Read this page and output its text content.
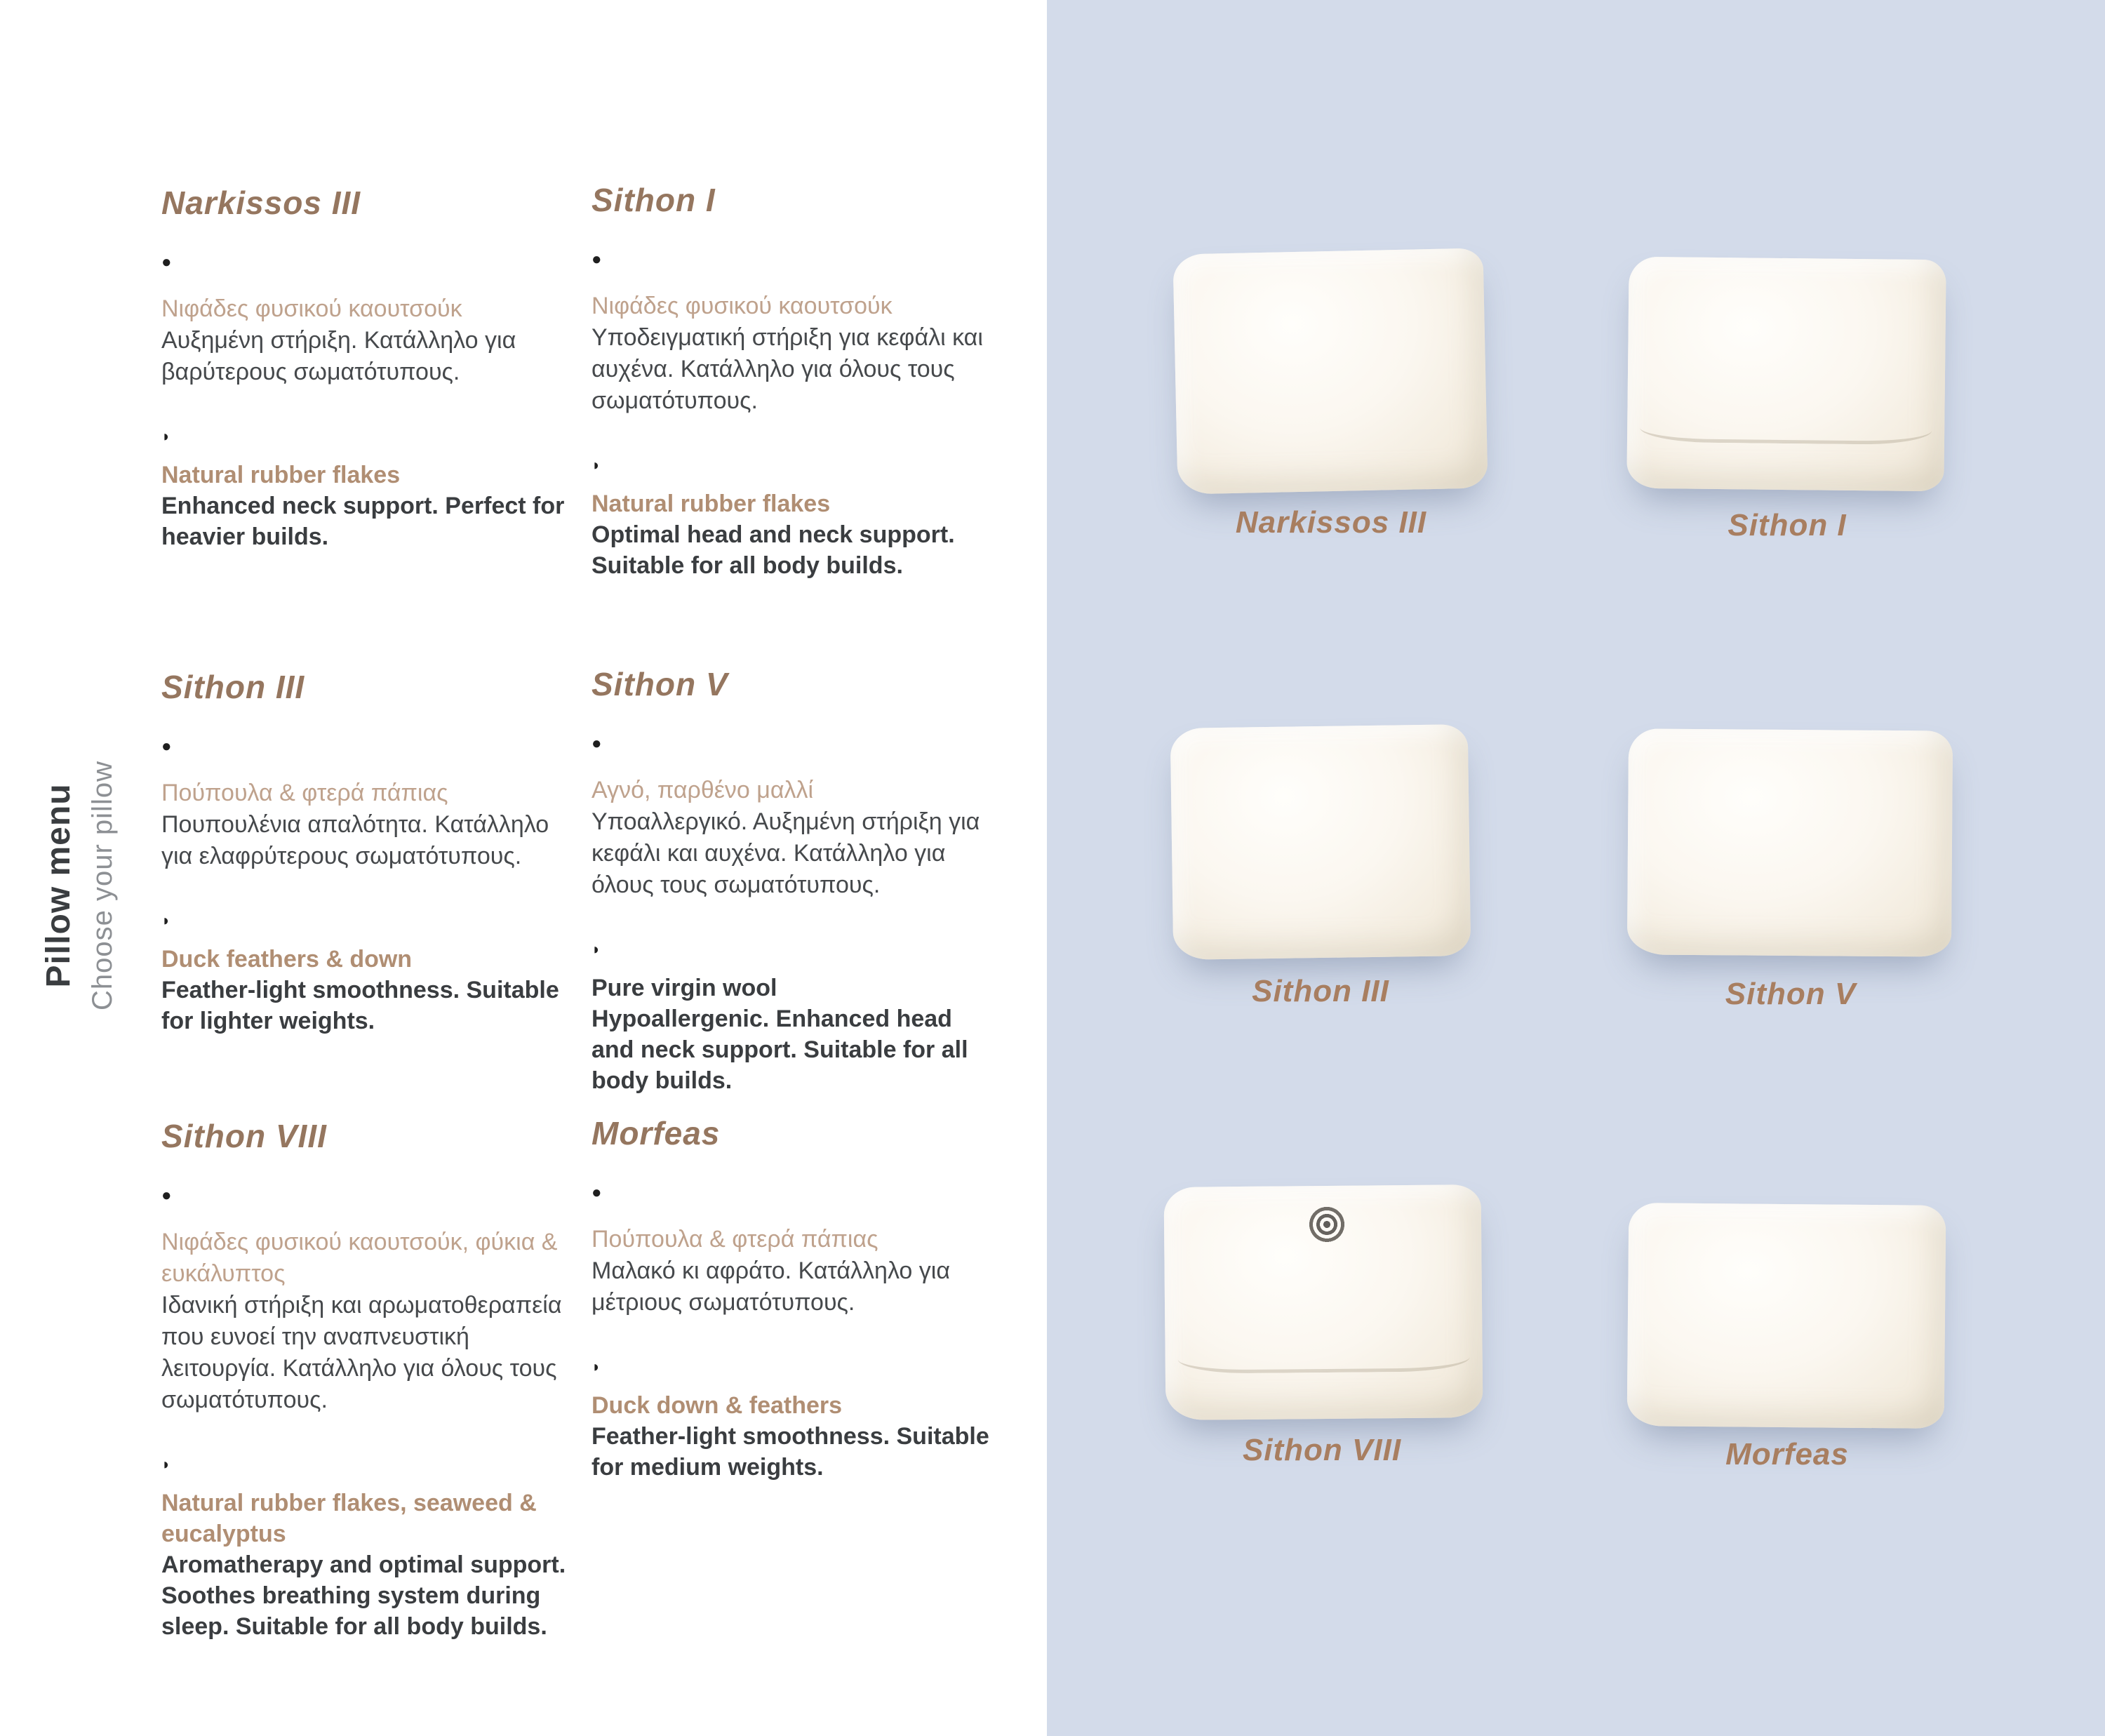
Pillow menu Choose your pillow
Narkissos III
●
Νιφάδες φυσικού καουτσούκ
Αυξημένη στήριξη. Κατάλληλο για βαρύτερους σωματότυπους.
◗
Natural rubber flakes
Enhanced neck support. Perfect for heavier builds.
Sithon I
●
Νιφάδες φυσικού καουτσούκ
Υποδειγματική στήριξη για κεφάλι και αυχένα. Κατάλληλο για όλους τους σωματότυπους.
◗
Natural rubber flakes
Optimal head and neck support. Suitable for all body builds.
Sithon III
●
Πούπουλα & φτερά πάπιας
Πουπουλένια απαλότητα. Κατάλληλο για ελαφρύτερους σωματότυπους.
◗
Duck feathers & down
Feather-light smoothness. Suitable for lighter weights.
Sithon V
●
Αγνό, παρθένο μαλλί
Υποαλλεργικό. Αυξημένη στήριξη για κεφάλι και αυχένα. Κατάλληλο για όλους τους σωματότυπους.
◗
Pure virgin wool
Hypoallergenic. Enhanced head and neck support. Suitable for all body builds.
Sithon VIII
●
Νιφάδες φυσικού καουτσούκ, φύκια & ευκάλυπτος
Ιδανική στήριξη και αρωματοθεραπεία που ευνοεί την αναπνευστική λειτουργία. Κατάλληλο για όλους τους σωματότυπους.
◗
Natural rubber flakes, seaweed & eucalyptus
Aromatherapy and optimal support. Soothes breathing system during sleep. Suitable for all body builds.
Morfeas
●
Πούπουλα & φτερά πάπιας
Μαλακό κι αφράτο. Κατάλληλο για μέτριους σωματότυπους.
◗
Duck down & feathers
Feather-light smoothness. Suitable for medium weights.
Narkissos III	Sithon I
Sithon III	Sithon V
Sithon VIII	Morfeas
